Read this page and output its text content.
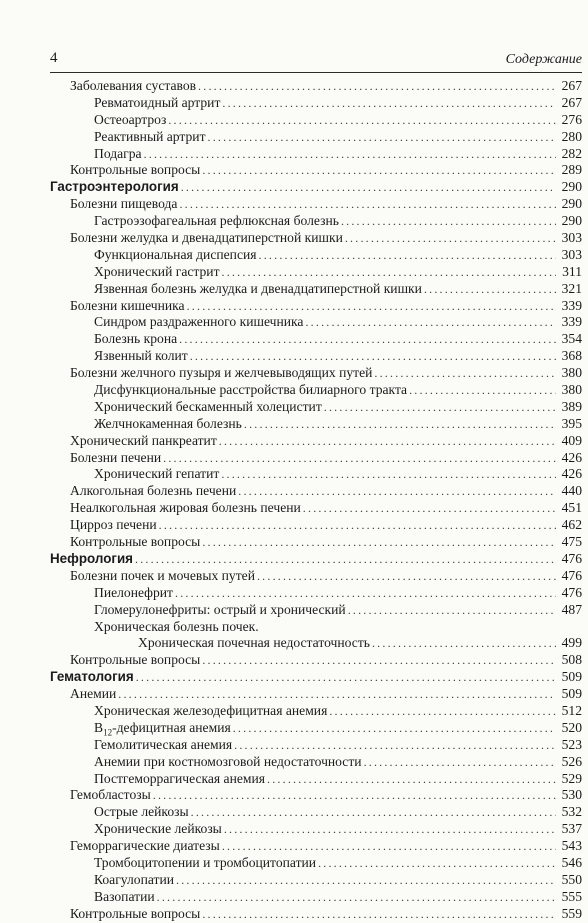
4	Содержание
Заболевания суставов .....	267
Ревматоидный артрит .....	267
Остеоартроз .....	276
Реактивный артрит .....	280
Подагра .....	282
Контрольные вопросы .....	289
Гастроэнтерология .....	290
Болезни пищевода .....	290
Гастроэзофагеальная рефлюксная болезнь .....	290
Болезни желудка и двенадцатиперстной кишки .....	303
Функциональная диспепсия .....	303
Хронический гастрит .....	311
Язвенная болезнь желудка и двенадцатиперстной кишки .....	321
Болезни кишечника .....	339
Синдром раздраженного кишечника .....	339
Болезнь крона .....	354
Язвенный колит .....	368
Болезни желчного пузыря и желчевыводящих путей .....	380
Дисфункциональные расстройства билиарного тракта .....	380
Хронический бескаменный холецистит .....	389
Желчнокаменная болезнь .....	395
Хронический панкреатит .....	409
Болезни печени .....	426
Хронический гепатит .....	426
Алкогольная болезнь печени .....	440
Неалкогольная жировая болезнь печени .....	451
Цирроз печени .....	462
Контрольные вопросы .....	475
Нефрология .....	476
Болезни почек и мочевых путей .....	476
Пиелонефрит .....	476
Гломерулонефриты: острый и хронический .....	487
Хроническая болезнь почек.
Хроническая почечная недостаточность .....	499
Контрольные вопросы .....	508
Гематология .....	509
Анемии .....	509
Хроническая железодефицитная анемия .....	512
$B_{12}$-дефицитная анемия .....	520
Гемолитическая анемия .....	523
Анемии при костномозговой недостаточности .....	526
Постгеморрагическая анемия .....	529
Гемобластозы .....	530
Острые лейкозы .....	532
Хронические лейкозы .....	537
Геморрагические диатезы .....	543
Тромбоцитопении и тромбоцитопатии .....	546
Коагулопатии .....	550
Вазопатии .....	555
Контрольные вопросы .....	559
